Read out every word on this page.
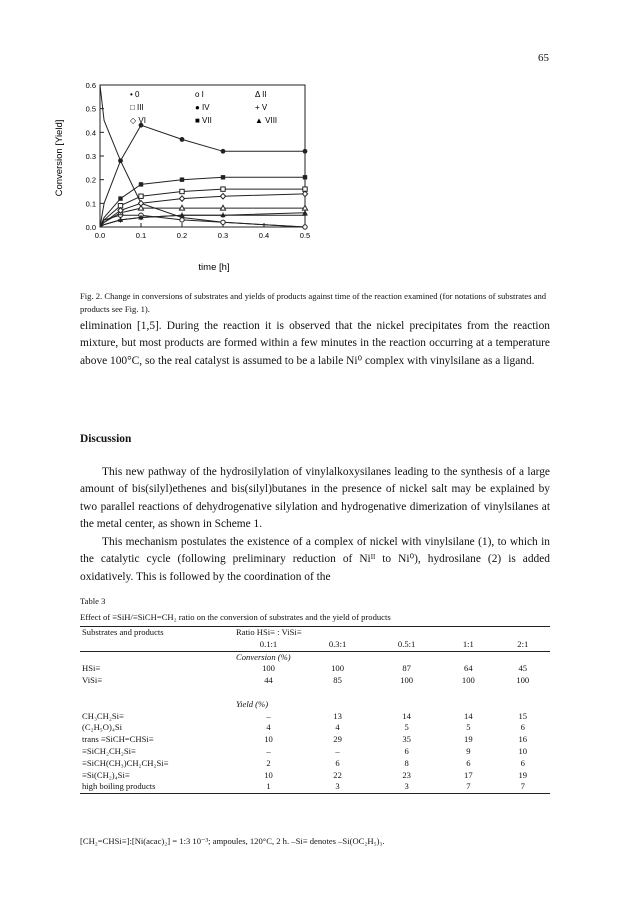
65
0.6
0.5
0.4
0.3
0.2
0.1
0.0
0.0	0.1	0.2	0.3	0.4	0.5
• 0	o I	Δ II
□ III	● IV	+ V
◇ VI	■ VII	▲ VIII
Conversion [Yield]
time [h]
Fig. 2. Change in conversions of substrates and yields of products against time of the reaction examined (for notations of substrates and products see Fig. 1).
elimination [1,5]. During the reaction it is observed that the nickel precipitates from the reaction mixture, but most products are formed within a few minutes in the reaction occurring at a temperature above 100°C, so the real catalyst is assumed to be a labile Ni⁰ complex with vinylsilane as a ligand.
Discussion
This new pathway of the hydrosilylation of vinylalkoxysilanes leading to the synthesis of a large amount of bis(silyl)ethenes and bis(silyl)butanes in the presence of nickel salt may be explained by two parallel reactions of dehydrogenative silylation and hydrogenative dimerization of vinylsilanes at the metal center, as shown in Scheme 1.
This mechanism postulates the existence of a complex of nickel with vinylsilane (1), to which in the catalytic cycle (following preliminary reduction of Niᴵᴵ to Ni⁰), hydrosilane (2) is added oxidatively. This is followed by the coordination of the
Table 3
Effect of ≡SiH/≡SiCH=CH₂ ratio on the conversion of substrates and the yield of products
Substrates and products	Ratio HSi≡ : ViSi≡				
	0.1:1	0.3:1	0.5:1	1:1	2:1
	Conversion (%)				
HSi≡	100	100	87	64	45
ViSi≡	44	85	100	100	100

	Yield (%)				
CH₃CH₂Si≡	–	13	14	14	15
(C₂H₅O)₄Si	4	4	5	5	6
trans ≡SiCH=CHSi≡	10	29	35	19	16
≡SiCH₂CH₂Si≡	–	–	6	9	10
≡SiCH(CH₃)CH₂CH₂Si≡	2	6	8	6	6
≡Si(CH₂)₄Si≡	10	22	23	17	19
high boiling products	1	3	3	7	7
[CH₂=CHSi≡]:[Ni(acac)₂] = 1:3 10⁻³; ampoules, 120°C, 2 h. –Si≡ denotes –Si(OC₂H₅)₃.
